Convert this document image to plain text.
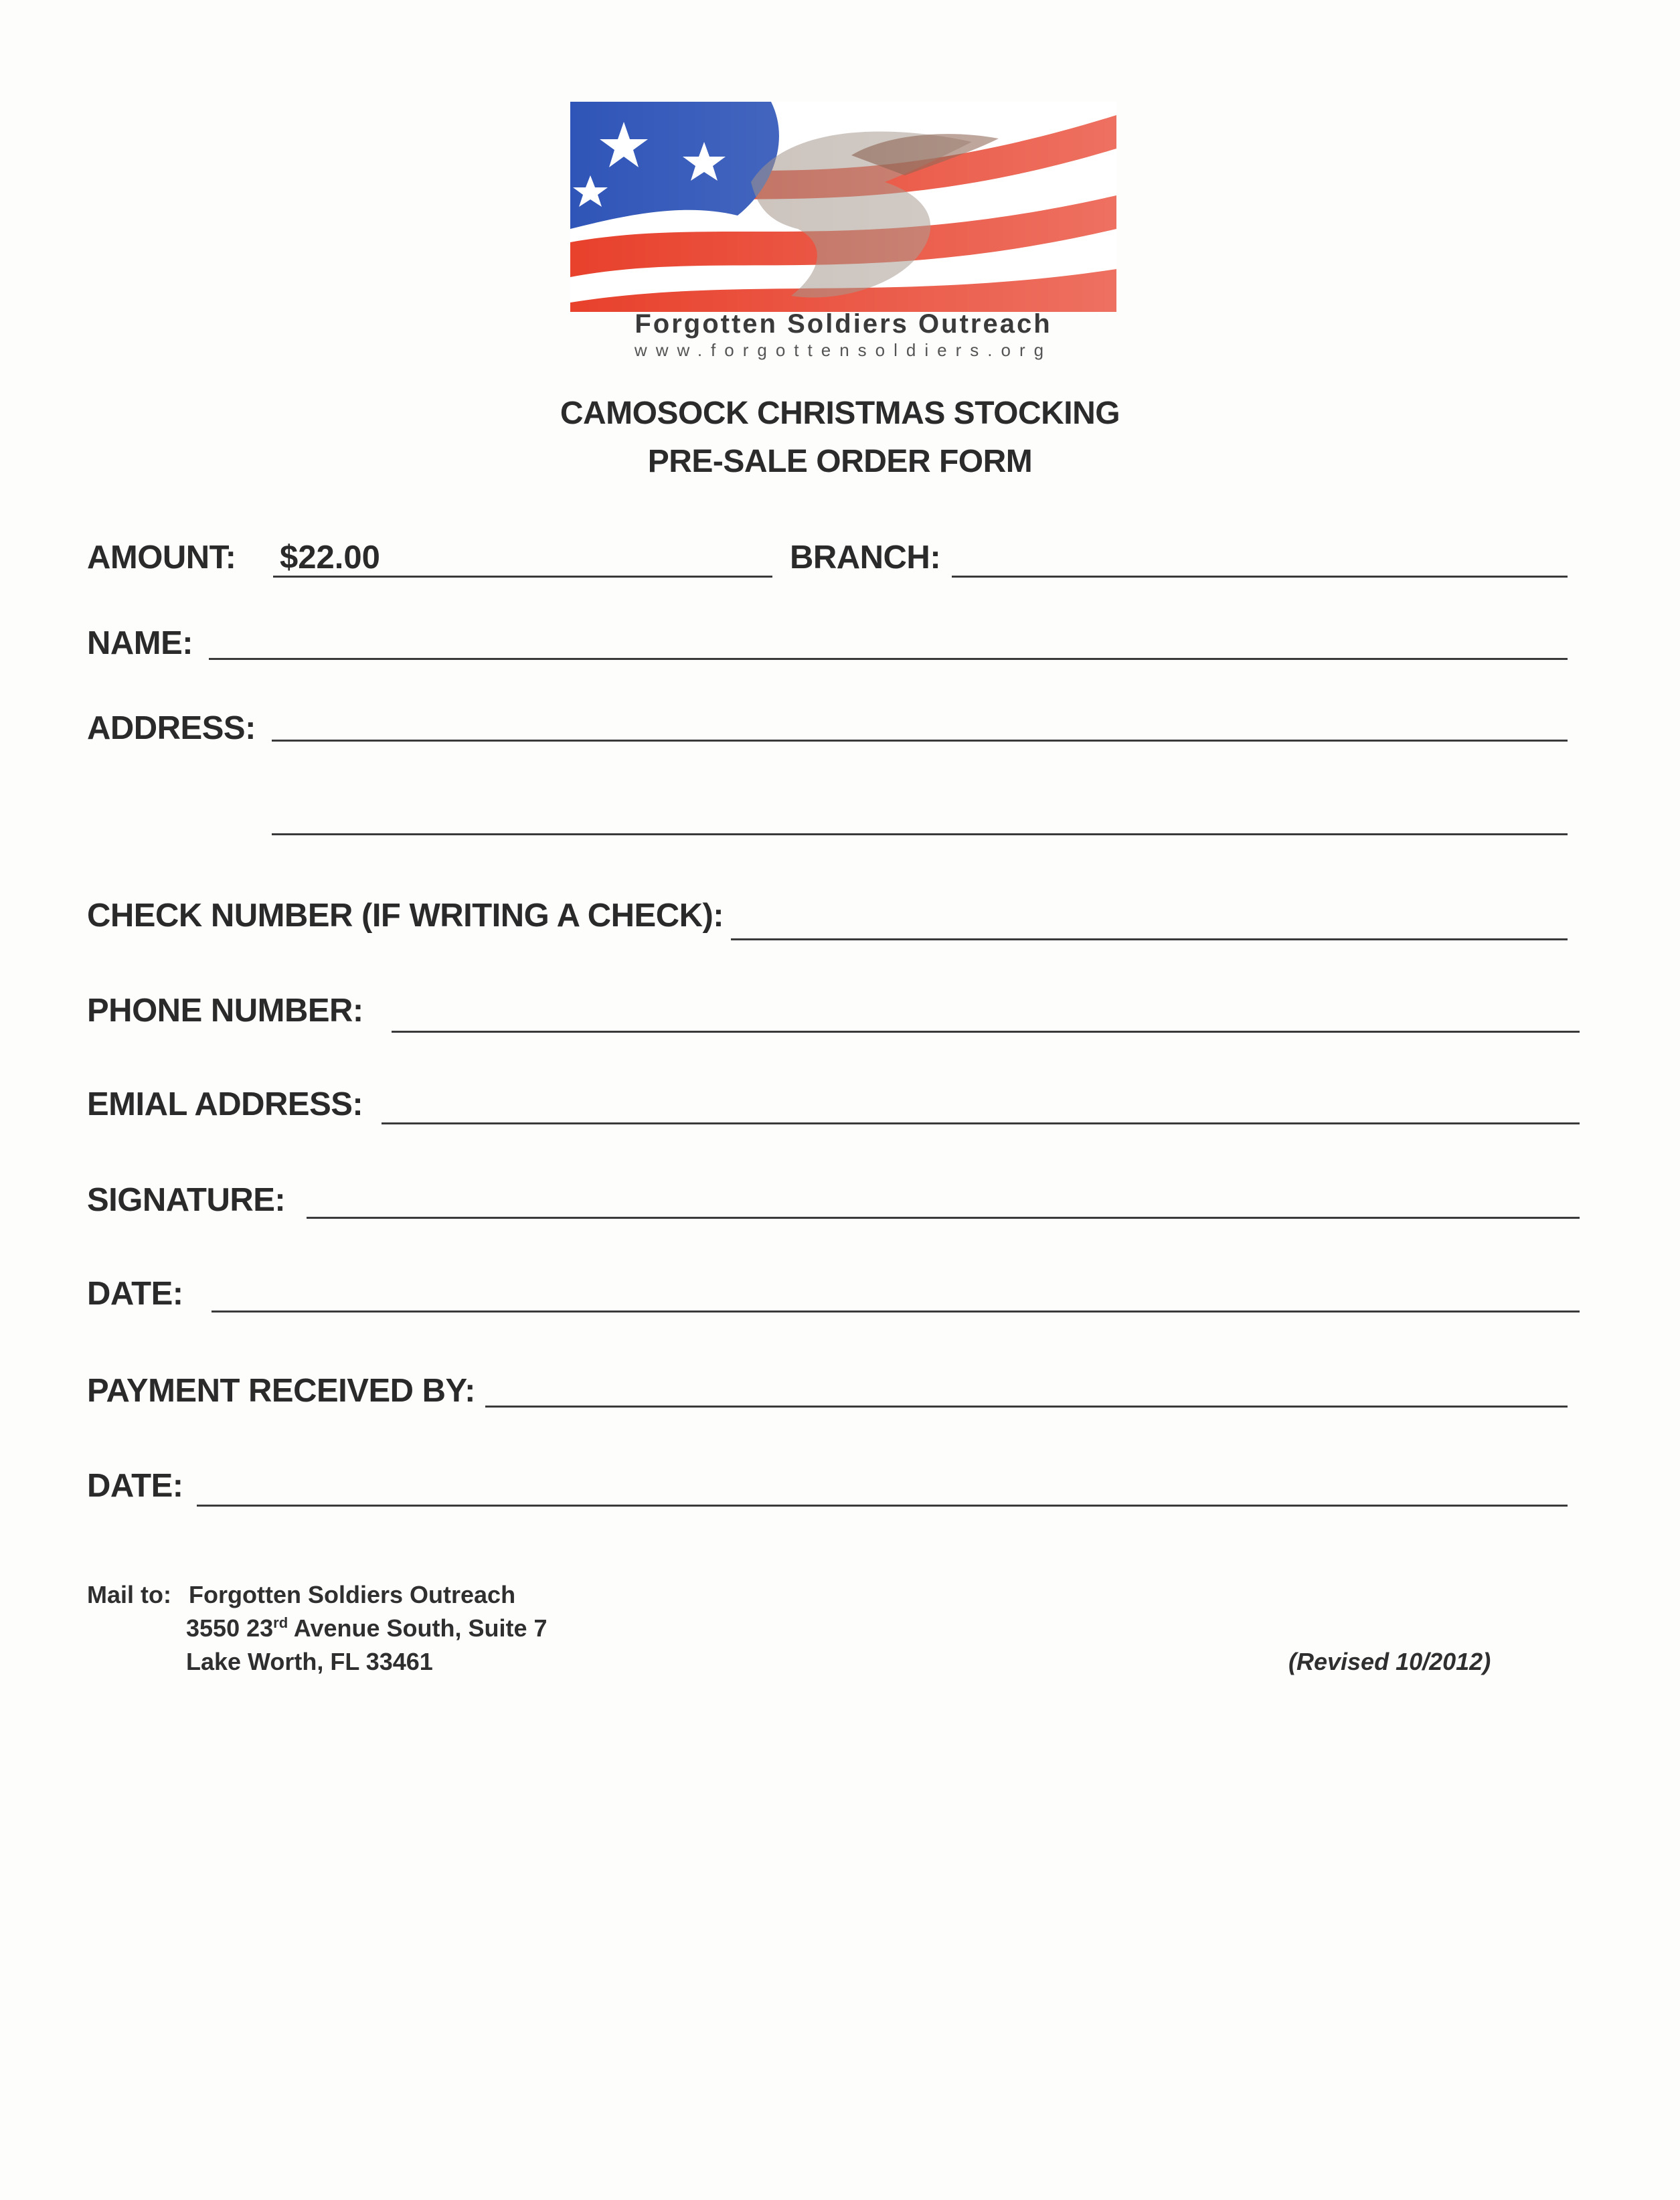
Forgotten Soldiers Outreach
www.forgottensoldiers.org
CAMOSOCK CHRISTMAS STOCKING
PRE-SALE ORDER FORM
AMOUNT: $22.00	BRANCH:
NAME:
ADDRESS:
CHECK NUMBER (IF WRITING A CHECK):
PHONE NUMBER:
EMIAL ADDRESS:
SIGNATURE:
DATE:
PAYMENT RECEIVED BY:
DATE:
Mail to: Forgotten Soldiers Outreach
3550 23rd Avenue South, Suite 7
Lake Worth, FL 33461	(Revised 10/2012)
